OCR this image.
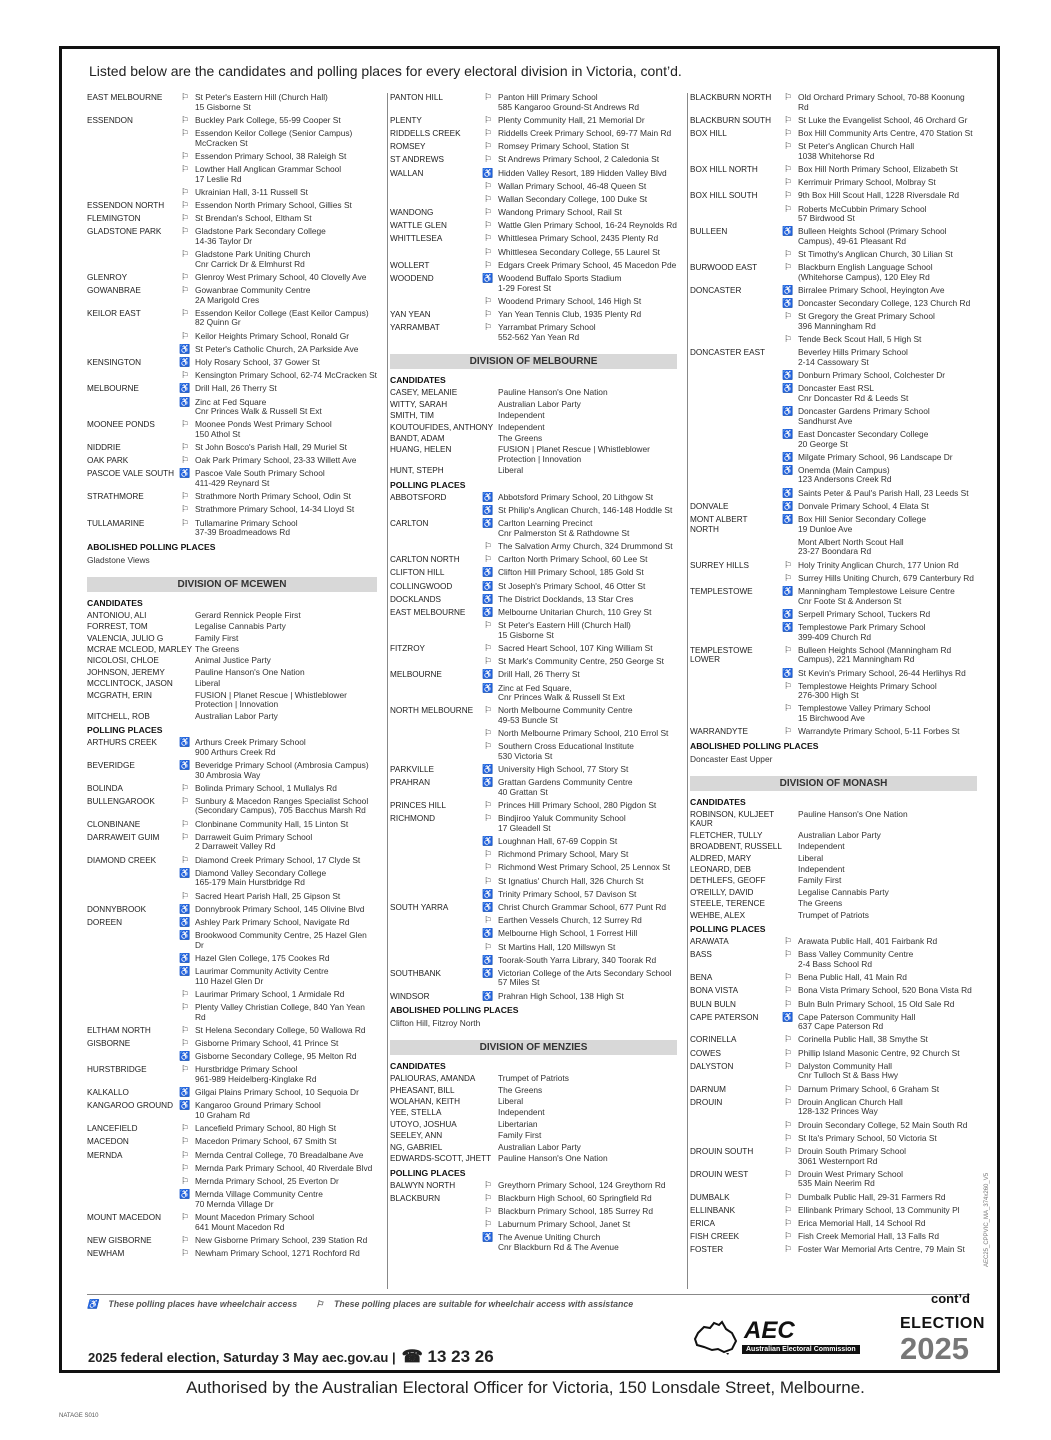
Listed below are the candidates and polling places for every electoral division in Victoria, cont’d.
EAST MELBOURNE	⚐ St Peter's Eastern Hill (Church Hall)
15 Gisborne St
ESSENDON	⚐ Buckley Park College, 55-99 Cooper St
⚐ Essendon Keilor College (Senior Campus)
McCracken St
⚐ Essendon Primary School, 38 Raleigh St
⚐ Lowther Hall Anglican Grammar School
17 Leslie Rd
⚐ Ukrainian Hall, 3-11 Russell St
ESSENDON NORTH	⚐ Essendon North Primary School, Gillies St
FLEMINGTON	⚐ St Brendan's School, Eltham St
GLADSTONE PARK	⚐ Gladstone Park Secondary College
14-36 Taylor Dr
⚐ Gladstone Park Uniting Church
Cnr Carrick Dr & Elmhurst Rd
GLENROY	⚐ Glenroy West Primary School, 40 Clovelly Ave
GOWANBRAE	⚐ Gowanbrae Community Centre
2A Marigold Cres
KEILOR EAST	⚐ Essendon Keilor College (East Keilor Campus)
82 Quinn Gr
⚐ Keilor Heights Primary School, Ronald Gr
♿ St Peter's Catholic Church, 2A Parkside Ave
KENSINGTON	♿ Holy Rosary School, 37 Gower St
⚐ Kensington Primary School, 62-74 McCracken St
MELBOURNE	♿ Drill Hall, 26 Therry St
♿ Zinc at Fed Square
Cnr Princes Walk & Russell St Ext
MOONEE PONDS	⚐ Moonee Ponds West Primary School
150 Athol St
NIDDRIE	⚐ St John Bosco's Parish Hall, 29 Muriel St
OAK PARK	⚐ Oak Park Primary School, 23-33 Willett Ave
PASCOE VALE SOUTH ♿ Pascoe Vale South Primary School
411-429 Reynard St
STRATHMORE	⚐ Strathmore North Primary School, Odin St
⚐ Strathmore Primary School, 14-34 Lloyd St
TULLAMARINE	⚐ Tullamarine Primary School
37-39 Broadmeadows Rd
ABOLISHED POLLING PLACES
Gladstone Views
DIVISION OF MCEWEN
CANDIDATES
ANTONIOU, ALI	Gerard Rennick People First
FORREST, TOM	Legalise Cannabis Party
VALENCIA, JULIO G	Family First
MCRAE MCLEOD, MARLEY The Greens
NICOLOSI, CHLOE	Animal Justice Party
JOHNSON, JEREMY	Pauline Hanson's One Nation
MCCLINTOCK, JASON	Liberal
MCGRATH, ERIN	FUSION | Planet Rescue | Whistleblower
Protection | Innovation
MITCHELL, ROB	Australian Labor Party
POLLING PLACES
ARTHURS CREEK	♿ Arthurs Creek Primary School
900 Arthurs Creek Rd
BEVERIDGE	♿ Beveridge Primary School (Ambrosia Campus)
30 Ambrosia Way
BOLINDA	⚐ Bolinda Primary School, 1 Mullalys Rd
BULLENGAROOK	⚐ Sunbury & Macedon Ranges Specialist School
(Secondary Campus), 705 Bacchus Marsh Rd
CLONBINANE	⚐ Clonbinane Community Hall, 15 Linton St
DARRAWEIT GUIM	⚐ Darraweit Guim Primary School
2 Darraweit Valley Rd
DIAMOND CREEK	⚐ Diamond Creek Primary School, 17 Clyde St
♿ Diamond Valley Secondary College
165-179 Main Hurstbridge Rd
⚐ Sacred Heart Parish Hall, 25 Gipson St
DONNYBROOK	♿ Donnybrook Primary School, 145 Olivine Blvd
DOREEN	♿ Ashley Park Primary School, Navigate Rd
♿ Brookwood Community Centre, 25 Hazel Glen Dr
♿ Hazel Glen College, 175 Cookes Rd
♿ Laurimar Community Activity Centre
110 Hazel Glen Dr
⚐ Laurimar Primary School, 1 Armidale Rd
⚐ Plenty Valley Christian College, 840 Yan Yean Rd
ELTHAM NORTH	⚐ St Helena Secondary College, 50 Wallowa Rd
GISBORNE	⚐ Gisborne Primary School, 41 Prince St
♿ Gisborne Secondary College, 95 Melton Rd
HURSTBRIDGE	⚐ Hurstbridge Primary School
961-989 Heidelberg-Kinglake Rd
KALKALLO	♿ Gilgai Plains Primary School, 10 Sequoia Dr
KANGAROO GROUND ♿ Kangaroo Ground Primary School
10 Graham Rd
LANCEFIELD	⚐ Lancefield Primary School, 80 High St
MACEDON	⚐ Macedon Primary School, 67 Smith St
MERNDA	⚐ Mernda Central College, 70 Breadalbane Ave
⚐ Mernda Park Primary School, 40 Riverdale Blvd
⚐ Mernda Primary School, 25 Everton Dr
♿ Mernda Village Community Centre
70 Mernda Village Dr
MOUNT MACEDON	⚐ Mount Macedon Primary School
641 Mount Macedon Rd
NEW GISBORNE	⚐ New Gisborne Primary School, 239 Station Rd
NEWHAM	⚐ Newham Primary School, 1271 Rochford Rd
PANTON HILL	⚐ Panton Hill Primary School
585 Kangaroo Ground-St Andrews Rd
PLENTY	⚐ Plenty Community Hall, 21 Memorial Dr
RIDDELLS CREEK	⚐ Riddells Creek Primary School, 69-77 Main Rd
ROMSEY	⚐ Romsey Primary School, Station St
ST ANDREWS	⚐ St Andrews Primary School, 2 Caledonia St
WALLAN	♿ Hidden Valley Resort, 189 Hidden Valley Blvd
⚐ Wallan Primary School, 46-48 Queen St
⚐ Wallan Secondary College, 100 Duke St
WANDONG	⚐ Wandong Primary School, Rail St
WATTLE GLEN	⚐ Wattle Glen Primary School, 16-24 Reynolds Rd
WHITTLESEA	⚐ Whittlesea Primary School, 2435 Plenty Rd
⚐ Whittlesea Secondary College, 55 Laurel St
WOLLERT	⚐ Edgars Creek Primary School, 45 Macedon Pde
WOODEND	♿ Woodend Buffalo Sports Stadium
1-29 Forest St
⚐ Woodend Primary School, 146 High St
YAN YEAN	⚐ Yan Yean Tennis Club, 1935 Plenty Rd
YARRAMBAT	⚐ Yarrambat Primary School
552-562 Yan Yean Rd
DIVISION OF MELBOURNE
CANDIDATES
CASEY, MELANIE	Pauline Hanson's One Nation
WITTY, SARAH	Australian Labor Party
SMITH, TIM	Independent
KOUTOUFIDES, ANTHONY Independent
BANDT, ADAM	The Greens
HUANG, HELEN	FUSION | Planet Rescue | Whistleblower
Protection | Innovation
HUNT, STEPH	Liberal
POLLING PLACES
ABBOTSFORD	♿ Abbotsford Primary School, 20 Lithgow St
♿ St Philip's Anglican Church, 146-148 Hoddle St
CARLTON	♿ Carlton Learning Precinct
Cnr Palmerston St & Rathdowne St
⚐ The Salvation Army Church, 324 Drummond St
CARLTON NORTH	⚐ Carlton North Primary School, 60 Lee St
CLIFTON HILL	♿ Clifton Hill Primary School, 185 Gold St
COLLINGWOOD	♿ St Joseph's Primary School, 46 Otter St
DOCKLANDS	♿ The District Docklands, 13 Star Cres
EAST MELBOURNE	♿ Melbourne Unitarian Church, 110 Grey St
⚐ St Peter's Eastern Hill (Church Hall)
15 Gisborne St
FITZROY	⚐ Sacred Heart School, 107 King William St
⚐ St Mark's Community Centre, 250 George St
MELBOURNE	♿ Drill Hall, 26 Therry St
♿ Zinc at Fed Square,
Cnr Princes Walk & Russell St Ext
NORTH MELBOURNE	⚐ North Melbourne Community Centre
49-53 Buncle St
⚐ North Melbourne Primary School, 210 Errol St
⚐ Southern Cross Educational Institute
530 Victoria St
PARKVILLE	♿ University High School, 77 Story St
PRAHRAN	♿ Grattan Gardens Community Centre
40 Grattan St
PRINCES HILL	⚐ Princes Hill Primary School, 280 Pigdon St
RICHMOND	⚐ Bindjiroo Yaluk Community School
17 Gleadell St
♿ Loughnan Hall, 67-69 Coppin St
⚐ Richmond Primary School, Mary St
⚐ Richmond West Primary School, 25 Lennox St
⚐ St Ignatius' Church Hall, 326 Church St
♿ Trinity Primary School, 57 Davison St
SOUTH YARRA	♿ Christ Church Grammar School, 677 Punt Rd
⚐ Earthen Vessels Church, 12 Surrey Rd
♿ Melbourne High School, 1 Forrest Hill
⚐ St Martins Hall, 120 Millswyn St
♿ Toorak-South Yarra Library, 340 Toorak Rd
SOUTHBANK	♿ Victorian College of the Arts Secondary School
57 Miles St
WINDSOR	♿ Prahran High School, 138 High St
ABOLISHED POLLING PLACES
Clifton Hill, Fitzroy North
DIVISION OF MENZIES
CANDIDATES
PALIOURAS, AMANDA	Trumpet of Patriots
PHEASANT, BILL	The Greens
WOLAHAN, KEITH	Liberal
YEE, STELLA	Independent
UTOYO, JOSHUA	Libertarian
SEELEY, ANN	Family First
NG, GABRIEL	Australian Labor Party
EDWARDS-SCOTT, JHETT Pauline Hanson's One Nation
POLLING PLACES
BALWYN NORTH	⚐ Greythorn Primary School, 124 Greythorn Rd
BLACKBURN	⚐ Blackburn High School, 60 Springfield Rd
⚐ Blackburn Primary School, 185 Surrey Rd
⚐ Laburnum Primary School, Janet St
♿ The Avenue Uniting Church
Cnr Blackburn Rd & The Avenue
BLACKBURN NORTH	⚐ Old Orchard Primary School, 70-88 Koonung Rd
BLACKBURN SOUTH	⚐ St Luke the Evangelist School, 46 Orchard Gr
BOX HILL	⚐ Box Hill Community Arts Centre, 470 Station St
⚐ St Peter's Anglican Church Hall
1038 Whitehorse Rd
BOX HILL NORTH	⚐ Box Hill North Primary School, Elizabeth St
⚐ Kerrimuir Primary School, Molbray St
BOX HILL SOUTH	⚐ 9th Box Hill Scout Hall, 1228 Riversdale Rd
⚐ Roberts McCubbin Primary School
57 Birdwood St
BULLEEN	♿ Bulleen Heights School (Primary School
Campus), 49-61 Pleasant Rd
⚐ St Timothy's Anglican Church, 30 Lilian St
BURWOOD EAST	⚐ Blackburn English Language School
(Whitehorse Campus), 120 Eley Rd
DONCASTER	♿ Birralee Primary School, Heyington Ave
♿ Doncaster Secondary College, 123 Church Rd
⚐ St Gregory the Great Primary School
396 Manningham Rd
⚐ Tende Beck Scout Hall, 5 High St
DONCASTER EAST	Beverley Hills Primary School
2-14 Cassowary St
♿ Donburn Primary School, Colchester Dr
♿ Doncaster East RSL
Cnr Doncaster Rd & Leeds St
♿ Doncaster Gardens Primary School
Sandhurst Ave
♿ East Doncaster Secondary College
20 George St
♿ Milgate Primary School, 96 Landscape Dr
♿ Onemda (Main Campus)
123 Andersons Creek Rd
♿ Saints Peter & Paul's Parish Hall, 23 Leeds St
DONVALE	♿ Donvale Primary School, 4 Elata St
MONT ALBERT NORTH
♿ Box Hill Senior Secondary College
19 Dunloe Ave
Mont Albert North Scout Hall
23-27 Boondara Rd
SURREY HILLS	⚐ Holy Trinity Anglican Church, 177 Union Rd
⚐ Surrey Hills Uniting Church, 679 Canterbury Rd
TEMPLESTOWE	♿ Manningham Templestowe Leisure Centre
Cnr Foote St & Anderson St
♿ Serpell Primary School, Tuckers Rd
♿ Templestowe Park Primary School
399-409 Church Rd
TEMPLESTOWE LOWER
⚐ Bulleen Heights School (Manningham Rd
Campus), 221 Manningham Rd
♿ St Kevin's Primary School, 26-44 Herlihys Rd
⚐ Templestowe Heights Primary School
276-300 High St
⚐ Templestowe Valley Primary School
15 Birchwood Ave
WARRANDYTE	⚐ Warrandyte Primary School, 5-11 Forbes St
ABOLISHED POLLING PLACES
Doncaster East Upper
DIVISION OF MONASH
CANDIDATES
ROBINSON, KULJEET KAUR
Pauline Hanson's One Nation
FLETCHER, TULLY	Australian Labor Party
BROADBENT, RUSSELL	Independent
ALDRED, MARY	Liberal
LEONARD, DEB	Independent
DETHLEFS, GEOFF	Family First
O'REILLY, DAVID	Legalise Cannabis Party
STEELE, TERENCE	The Greens
WEHBE, ALEX	Trumpet of Patriots
POLLING PLACES
ARAWATA	⚐ Arawata Public Hall, 401 Fairbank Rd
BASS	⚐ Bass Valley Community Centre
2-4 Bass School Rd
BENA	⚐ Bena Public Hall, 41 Main Rd
BONA VISTA	⚐ Bona Vista Primary School, 520 Bona Vista Rd
BULN BULN	⚐ Buln Buln Primary School, 15 Old Sale Rd
CAPE PATERSON	♿ Cape Paterson Community Hall
637 Cape Paterson Rd
CORINELLA	⚐ Corinella Public Hall, 38 Smythe St
COWES	⚐ Phillip Island Masonic Centre, 92 Church St
DALYSTON	⚐ Dalyston Community Hall
Cnr Tulloch St & Bass Hwy
DARNUM	⚐ Darnum Primary School, 6 Graham St
DROUIN	⚐ Drouin Anglican Church Hall
128-132 Princes Way
⚐ Drouin Secondary College, 52 Main South Rd
⚐ St Ita's Primary School, 50 Victoria St
DROUIN SOUTH	⚐ Drouin South Primary School
3061 Westernport Rd
DROUIN WEST	⚐ Drouin West Primary School
535 Main Neerim Rd
DUMBALK	⚐ Dumbalk Public Hall, 29-31 Farmers Rd
ELLINBANK	⚐ Ellinbank Primary School, 13 Community Pl
ERICA	⚐ Erica Memorial Hall, 14 School Rd
FISH CREEK	⚐ Fish Creek Memorial Hall, 13 Falls Rd
FOSTER	⚐ Foster War Memorial Arts Centre, 79 Main St
♿ These polling places have wheelchair access ⚐ These polling places are suitable for wheelchair access with assistance	cont’d
2025 federal election, Saturday 3 May aec.gov.au | ☎ 13 23 26
AEC
Australian Electoral Commission
ELECTION
2025
AEC25_CPPVIC_MA_374x260_V5
Authorised by the Australian Electoral Officer for Victoria, 150 Lonsdale Street, Melbourne.
NATAGE S010
